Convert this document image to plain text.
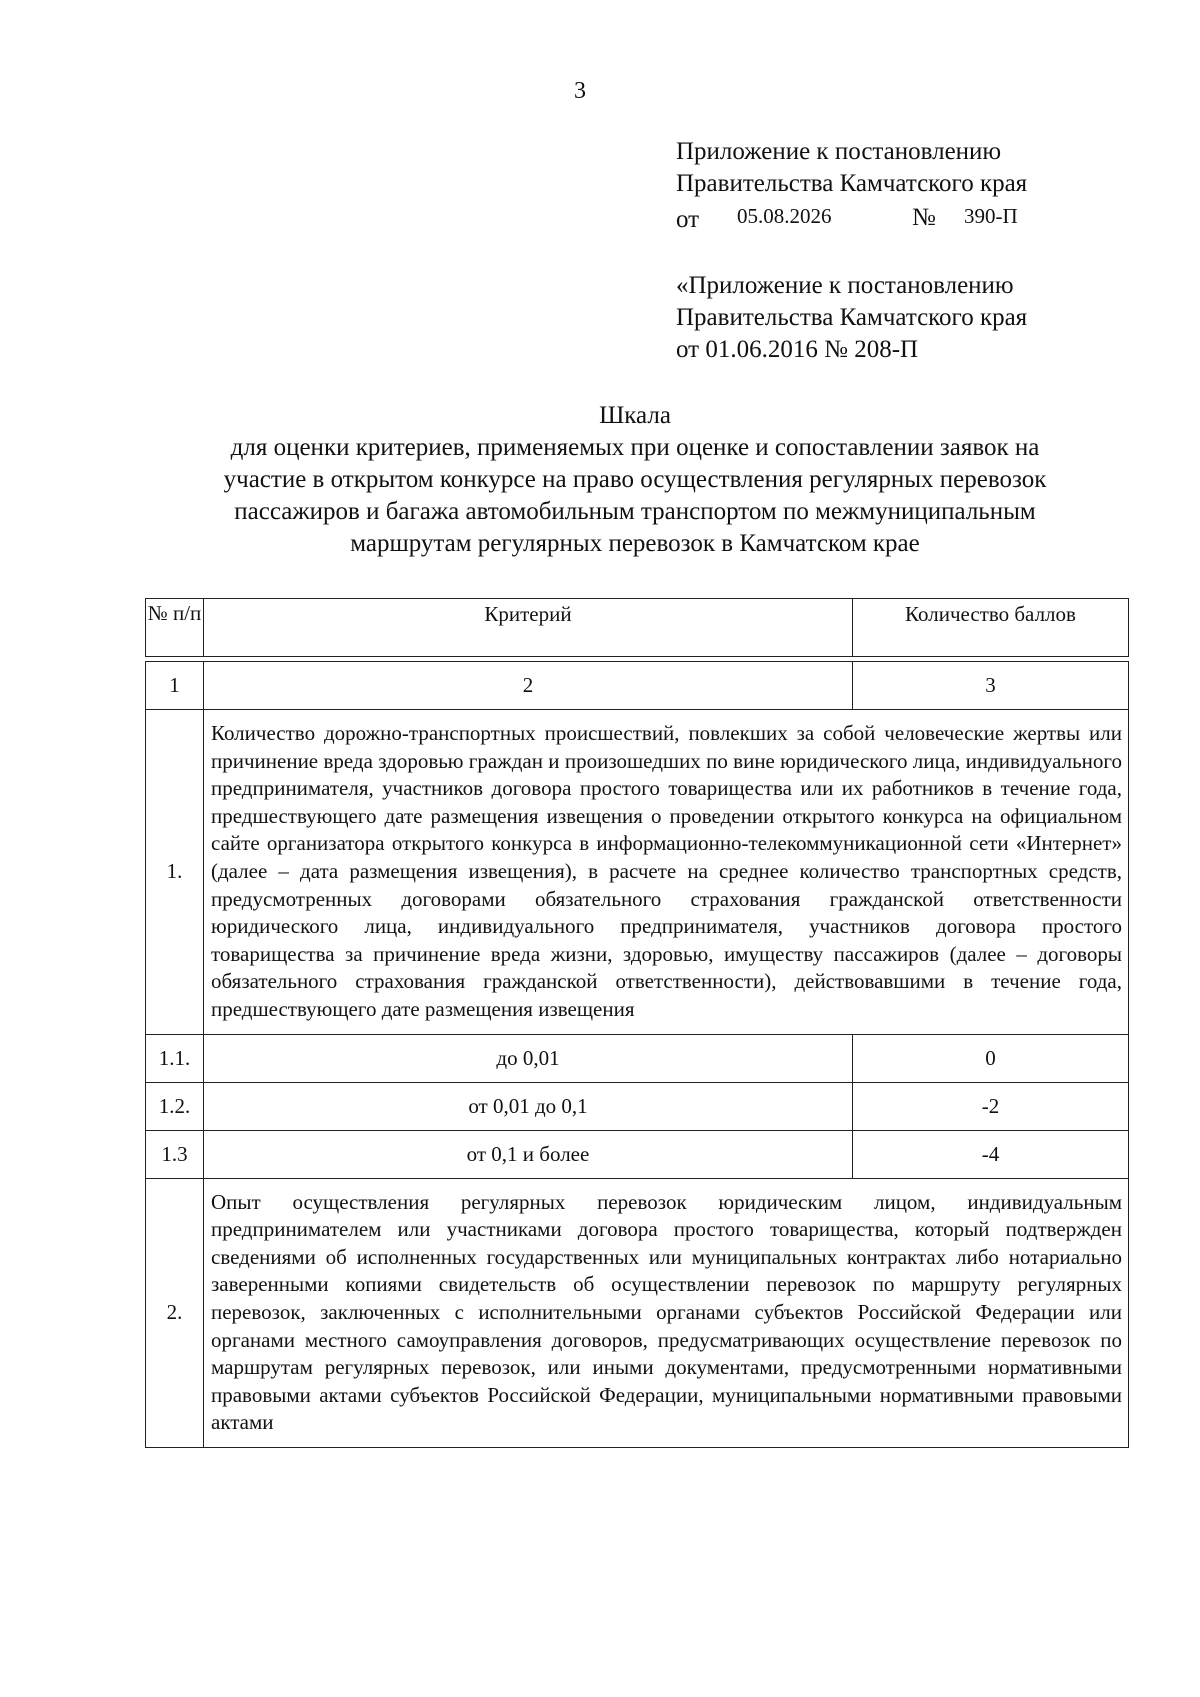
3
Приложение к постановлению
Правительства Камчатского края
от 05.08.2026	№ 390-П
«Приложение к постановлению
Правительства Камчатского края
от 01.06.2016 № 208-П
Шкала
для оценки критериев, применяемых при оценке и сопоставлении заявок на
участие в открытом конкурсе на право осуществления регулярных перевозок
пассажиров и багажа автомобильным транспортом по межмуниципальным
маршрутам регулярных перевозок в Камчатском крае
№ п/п	Критерий	Количество баллов
1	2	3
1.	Количество дорожно-транспортных происшествий, повлекших за собой человеческие жертвы или причинение вреда здоровью граждан и произошедших по вине юридического лица, индивидуального предпринимателя, участников договора простого товарищества или их работников в течение года, предшествующего дате размещения извещения о проведении открытого конкурса на официальном сайте организатора открытого конкурса в информационно-телекоммуникационной сети «Интернет» (далее – дата размещения извещения), в расчете на среднее количество транспортных средств, предусмотренных договорами обязательного страхования гражданской ответственности юридического лица, индивидуального предпринимателя, участников договора простого товарищества за причинение вреда жизни, здоровью, имуществу пассажиров (далее – договоры обязательного страхования гражданской ответственности), действовавшими в течение года, предшествующего дате размещения извещения	
1.1.	до 0,01	0
1.2.	от 0,01 до 0,1	-2
1.3	от 0,1 и более	-4
2.	Опыт осуществления регулярных перевозок юридическим лицом, индивидуальным предпринимателем или участниками договора простого товарищества, который подтвержден сведениями об исполненных государственных или муниципальных контрактах либо нотариально заверенными копиями свидетельств об осуществлении перевозок по маршруту регулярных перевозок, заключенных с исполнительными органами субъектов Российской Федерации или органами местного самоуправления договоров, предусматривающих осуществление перевозок по маршрутам регулярных перевозок, или иными документами, предусмотренными нормативными правовыми актами субъектов Российской Федерации, муниципальными нормативными правовыми актами	
